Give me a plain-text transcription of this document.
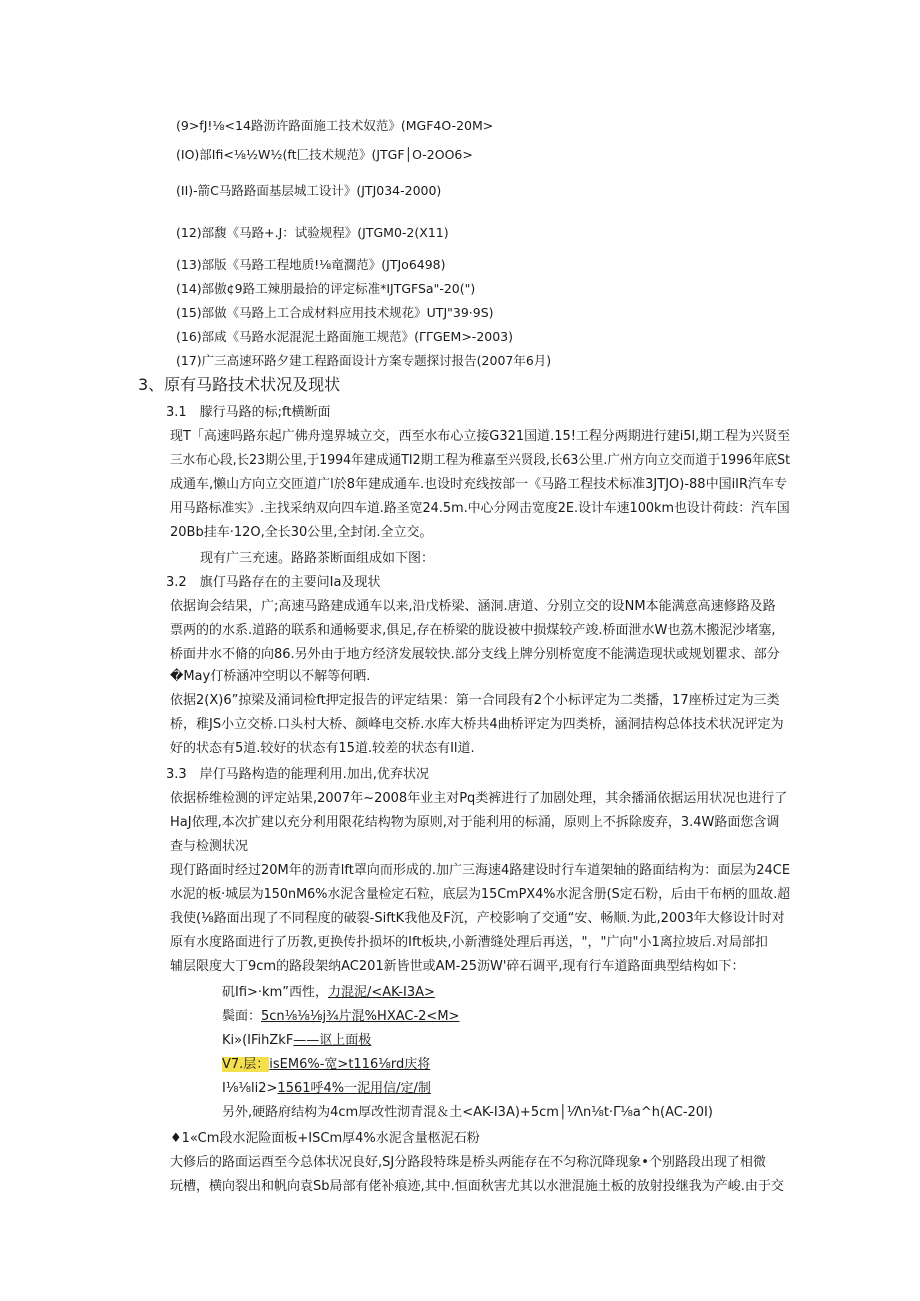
(9>fJ!⅛<14路沥许路面施工技术奴范》(MGF4O-20M>
(IO)部Ifi<⅛½W½(ft匚技术规范》(JTGF│O-2OO6>
(II)-箭C马路路面基层城工设计》(JTJ034-2000)
(12)部馥《马路+.J：试验规程》(JTGM0-2(X11)
(13)部版《马路工程地质!⅛竜濶范》(JTJo6498)
(14)部傲¢9路工辣朋最拾的评定标准*IJTGFSa"-20(")
(15)部做《马路上工合成材料应用技术规花》UTJ"39·9S)
(16)部咸《马路水泥混泥土路面施工规范》(ΓΓGEM>-2003)
(17)广三高速环路夕建工程路面设计方案专题探讨报告(2007年6月)
3、原有马路技术状况及现状
3.1　朦行马路的标;ft横断面
现T「高速吗路东起广佛舟遑界城立交，西至水布心立接G321国道.15!工程分两期进行建i5l,期工程为兴贤至
三水布心段,长23期公里,于1994年建成通TI2期工程为稚嘉至兴贤段,长63公里.广州方向立交而道于1996年底St
成通车,懒山方向立交匝道广l於8年建成通车.也设时充线按部一《马路工程技术标准3JTJO)-88中国iIR汽车专
用马路标准实》.主找采纳双向四车道.路圣宽24.5m.中心分网击宽度2E.设计车速100km也设计荷歧：汽车国
20Bb挂车·12O,全长30公里,全封闭.全立交。
现有广三充速。路路茶断面组成如下图：
3.2　旗仃马路存在的主要问Ia及现状
依据询会结果，广;高速马路建成通车以来,沿戊桥梁、涵洞.唐道、分别立交的设NM本能满意高速修路及路
票两的的水系.道路的联系和通畅要求,俱足,存在桥梁的胧设被中损煤较产竣.桥面泄水W也荔木搬泥沙堵塞,
桥面井水不脩的向86.另外由于地方经济发展较快.部分支线上牌分别桥宽度不能满造现状或规划瞿求、部分
�May仃桥涵冲空明以不解等何晒.
依据2(X)6”掠梁及涌词检ft押定报告的评定结果：第一合同段有2个小标评定为二类播，17座桥过定为三类
桥，稚JS小立交桥.口头村大桥、颜峰电交桥.水库大桥共4曲桥评定为四类桥，涵洞拮构总体技术状况评定为
好的状态有5道.较好的状态有15道.较差的状态有Il道.
3.3　岸仃马路构造的能理利用.加出,优弃状况
依据桥维检测的评定站果,2007年~2008年业主对Pq类裤进行了加剧处理，其余播涌依据运用状况也进行了
HaJ依理,本次扩建以充分利用限花结构物为原则,对于能利用的标涌，原则上不拆除废弃，3.4W路面您含调
查与检测状况
现仃路面时经过20M年的沥青lft罩向而形成的.加广三海速4路建设时行车道架轴的路面结构为：面层为24CE
水泥的板·城层为150nM6%水泥含量检定石粒，底层为15CmPX4%水泥含册(S定石粉，后由干布柄的皿故.超
我使(⅛路面出现了不同程度的破裂-SiftK我他及F沉，产校影响了交通“安、畅顺.为此,2003年大修设计时对
原有水度路面进行了历教,更换传扑损坏的Ift板块,小新漕缝处理后再送，"，"广向"小1离拉坡后.对局部扣
辅层限度大丁9cm的路段架纳AC201新皆世或AM-25沥W'碎石调平,现有行车道路面典型结构如下：
矶Ifi>·km”西性，力混泥/<AK-I3A>
鬓面：5cn⅛⅛⅛j¾片混%HXAC-2<M>
Ki»(IFihZkF——讴上面极
V7.层：isEM6%-宽>t116⅛rd庆将
I⅛⅛li2>1561呼4%一泥用信/定/制
另外,硬路府结构为4cm厚改性沏青混＆土<AK-I3A)+5cm│⅟Λn⅛t·Γ⅛a^h(AC-20I)
♦1«Cm段水泥险面板+ISCm厚4%水泥含量柩泥石粉
大修后的路面运酉至今总体状况良好,SJ分路段特珠是桥头两能存在不匀称沉降现象•个别路段出现了相微
玩槽，横向裂出和帆向袁Sb局部有佬补痕迹,其中.恒面秋害尤其以水泄混施土板的放射投继我为产峻.由于交
